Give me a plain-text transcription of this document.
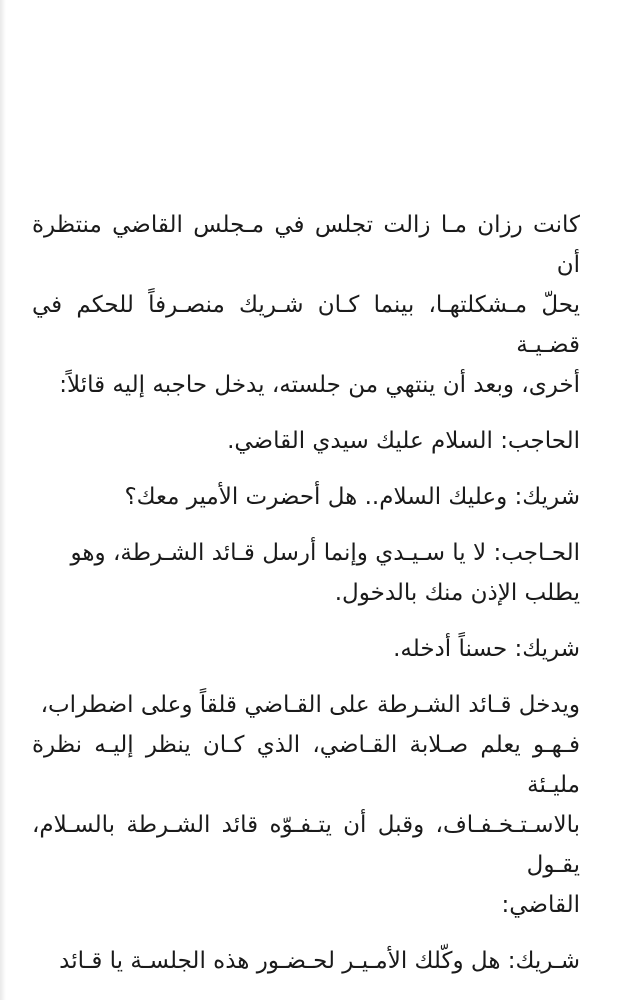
كانت رزان مـا زالت تجلس في مـجلس القاضي منتظرة أن
يحلّ مـشكلتهـا، بينما كـان شـريك منصـرفاً للحكم في قضـيـة
أخرى، وبعد أن ينتهي من جلسته، يدخل حاجبه إليه قائلاً:

الحاجب: السلام عليك سيدي القاضي.

شريك: وعليك السلام.. هل أحضرت الأمير معك؟

الحـاجب: لا يا سـيـدي وإنما أرسل قـائد الشـرطة، وهو
يطلب الإذن منك بالدخول.

شريك: حسناً أدخله.

ويدخل قـائد الشـرطة على القـاضي قلقاً وعلى اضطراب،
فـهـو يعلم صـلابة القـاضي، الذي كـان ينظر إليـه نظرة مليـئة
بالاسـتـخـفـاف، وقبل أن يتـفـوّه قائد الشـرطة بالسـلام، يقـول
القاضي:

شـريك: هل وكّلك الأمـيـر لحـضـور هذه الجلسـة يا قـائد
